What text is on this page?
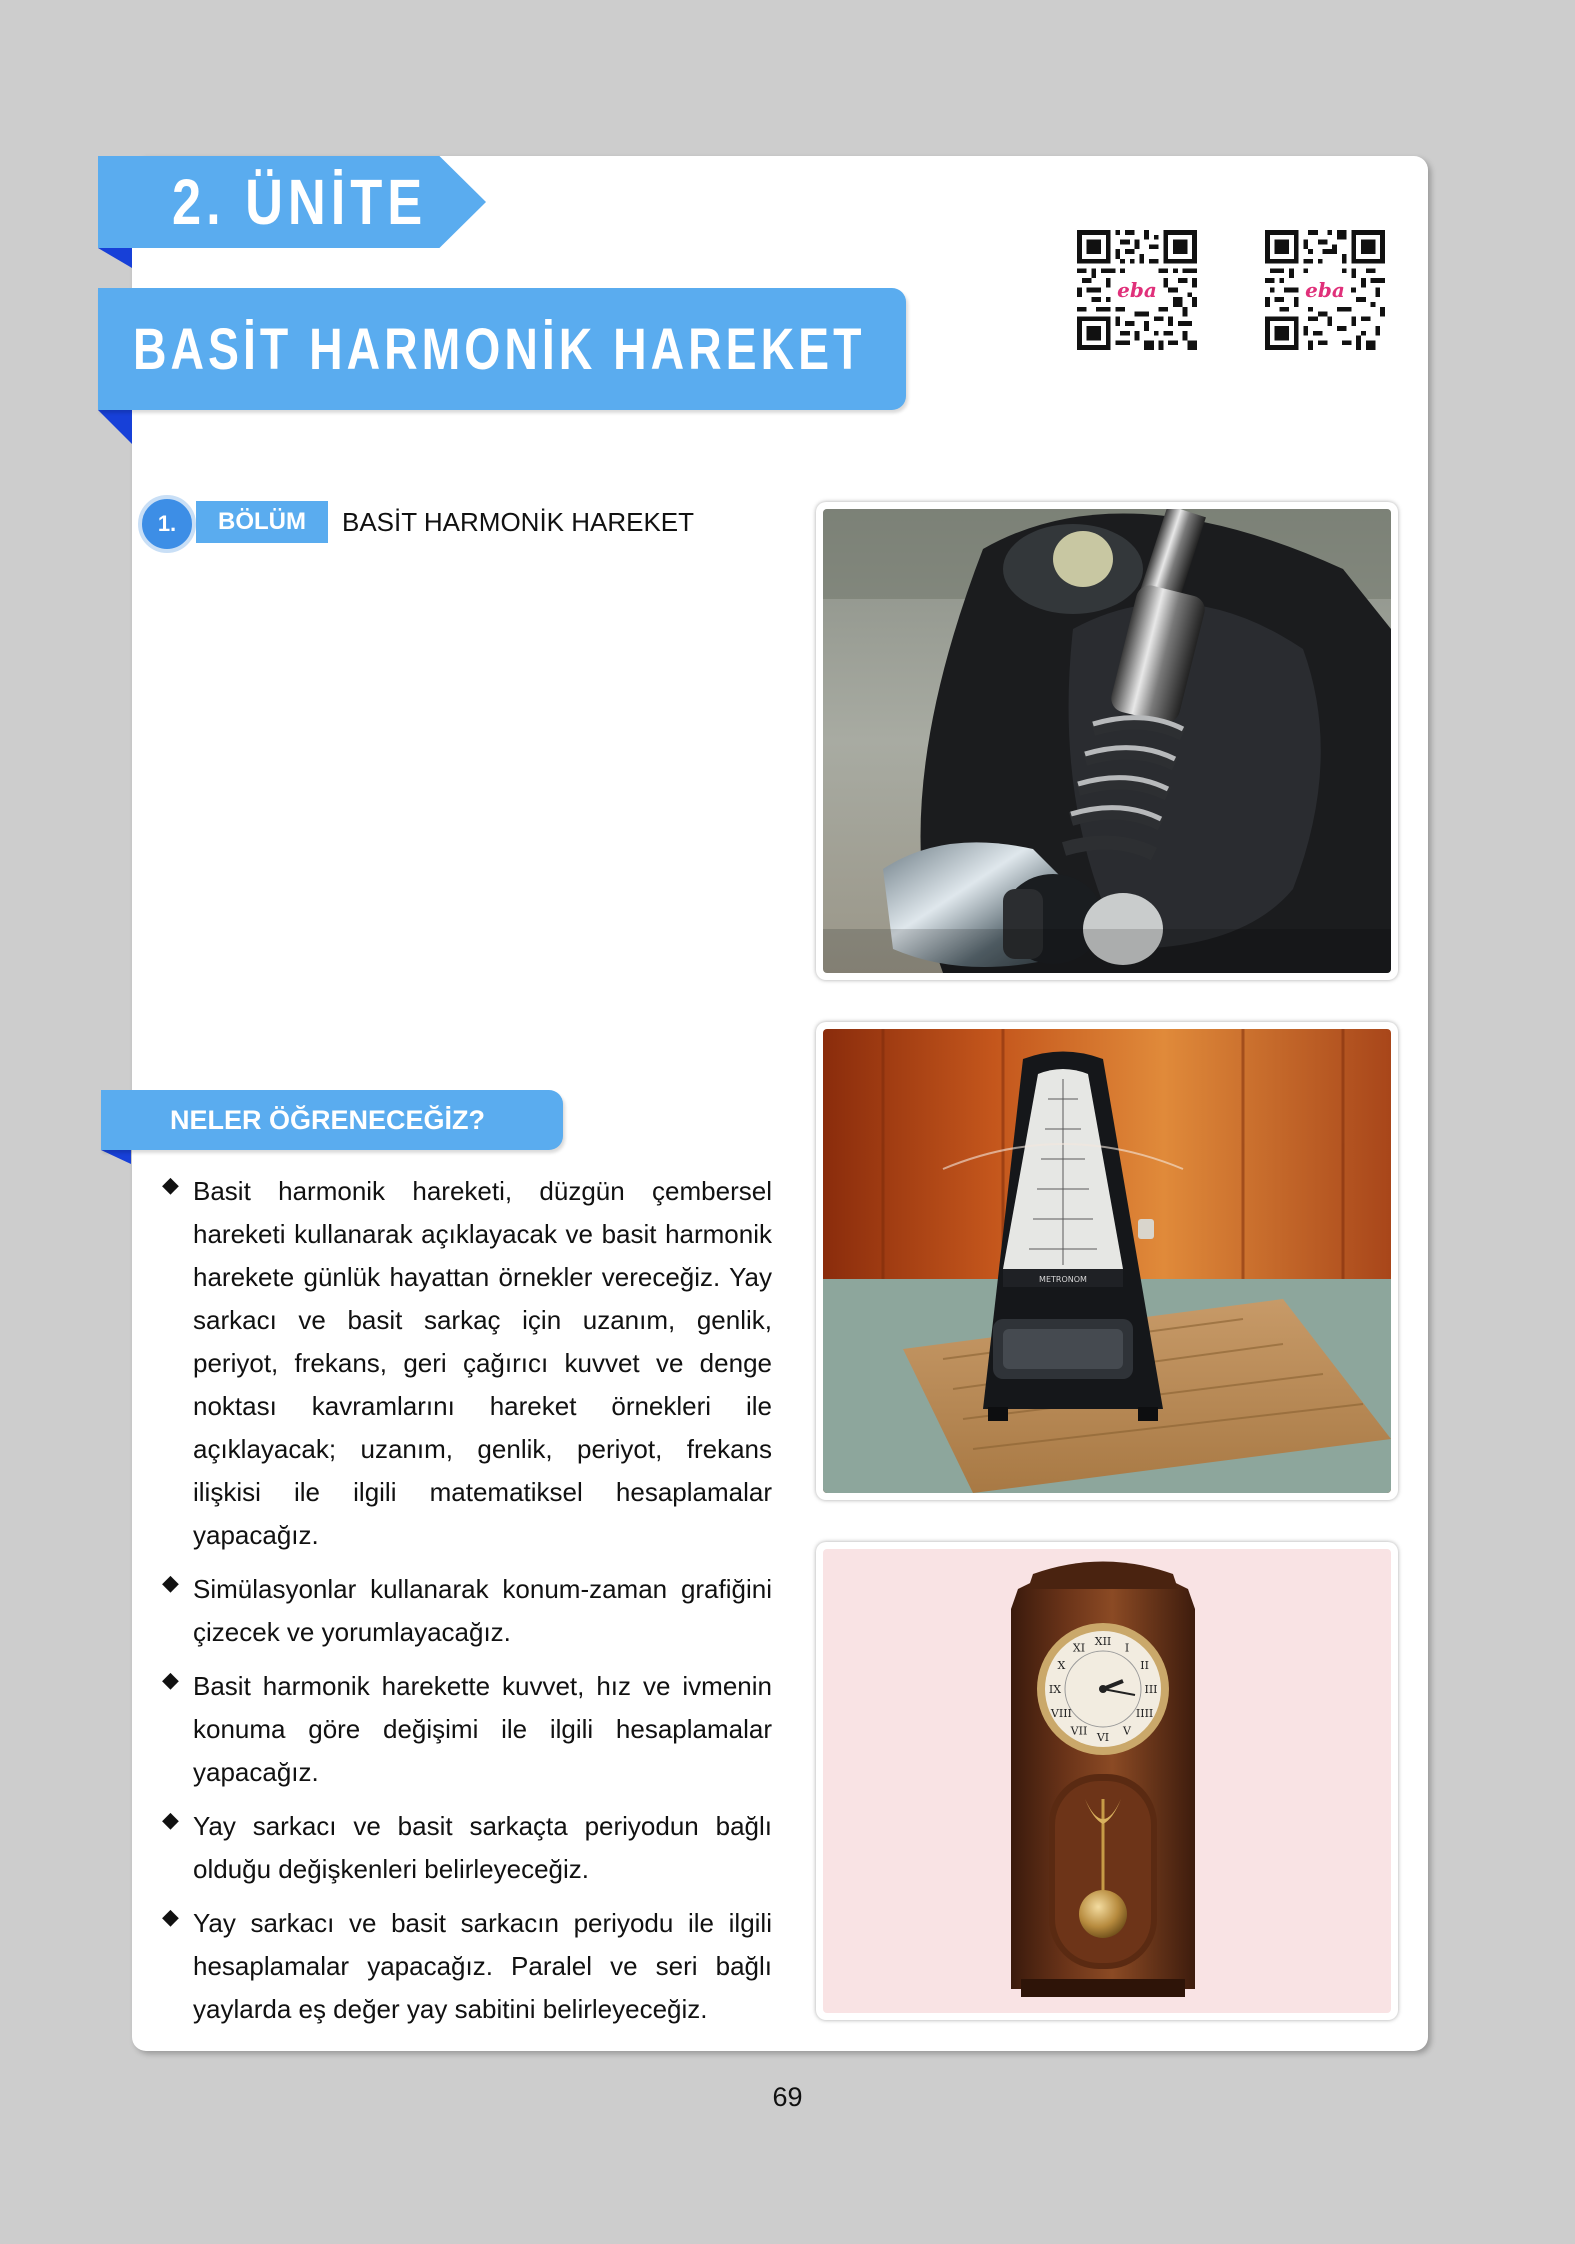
2. ÜNİTE
BASİT HARMONİK HAREKET
eba	eba
1.	BÖLÜM	BASİT HARMONİK HAREKET
NELER ÖĞRENECEĞİZ?
◆ Basit harmonik hareketi, düzgün çembersel hareketi kullanarak açıklayacak ve basit harmonik harekete günlük hayattan örnekler vereceğiz. Yay sarkacı ve basit sarkaç için uzanım, genlik, periyot, frekans, geri çağırıcı kuvvet ve denge noktası kavramlarını hareket örnekleri ile açıklayacak; uzanım, genlik, periyot, frekans ilişkisi ile ilgili matematiksel hesaplamalar yapacağız.
◆ Simülasyonlar kullanarak konum-zaman grafiğini çizecek ve yorumlayacağız.
◆ Basit harmonik harekette kuvvet, hız ve ivmenin konuma göre değişimi ile ilgili hesaplamalar yapacağız.
◆ Yay sarkacı ve basit sarkaçta periyodun bağlı olduğu değişkenleri belirleyeceğiz.
◆ Yay sarkacı ve basit sarkacın periyodu ile ilgili hesaplamalar yapacağız. Paralel ve seri bağlı yaylarda eş değer yay sabitini belirleyeceğiz.
METRONOM
XII I
II
III
IIII
V
VI
VII
VIII
IX
X
XI
69
